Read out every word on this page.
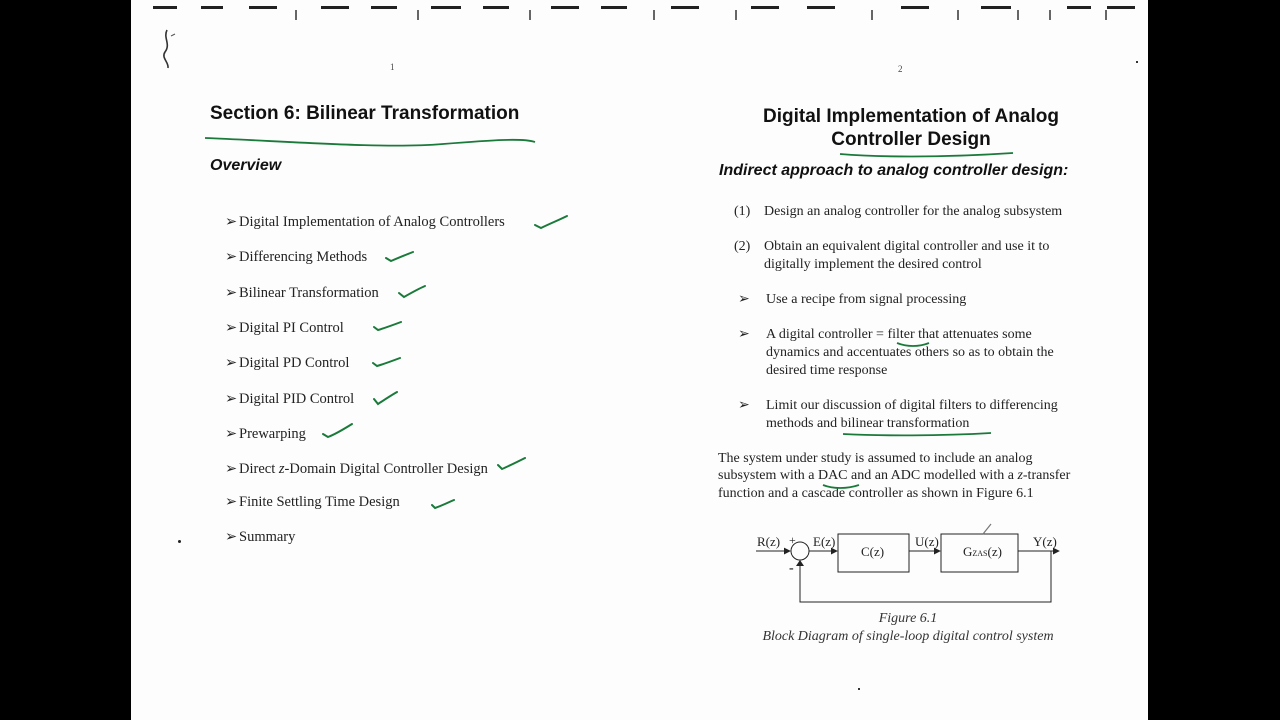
1
Section 6: Bilinear Transformation
Overview
➢ Digital Implementation of Analog Controllers
➢ Differencing Methods
➢ Bilinear Transformation
➢ Digital PI Control
➢ Digital PD Control
➢ Digital PID Control
➢ Prewarping
➢ Direct z-Domain Digital Controller Design
➢ Finite Settling Time Design
➢ Summary
2
Digital Implementation of Analog
Controller Design
Indirect approach to analog controller design:
(1) Design an analog controller for the analog subsystem
(2) Obtain an equivalent digital controller and use it to
digitally implement the desired control
➢ Use a recipe from signal processing
➢ A digital controller = filter that attenuates some
dynamics and accentuates others so as to obtain the
desired time response
➢ Limit our discussion of digital filters to differencing
methods and bilinear transformation
The system under study is assumed to include an analog
subsystem with a DAC and an ADC modelled with a z-transfer
function and a cascade controller as shown in Figure 6.1
R(z) +
-
E(z)
C(z)
U(z)
GZAS(z)
Y(z)
Figure 6.1
Block Diagram of single-loop digital control system
